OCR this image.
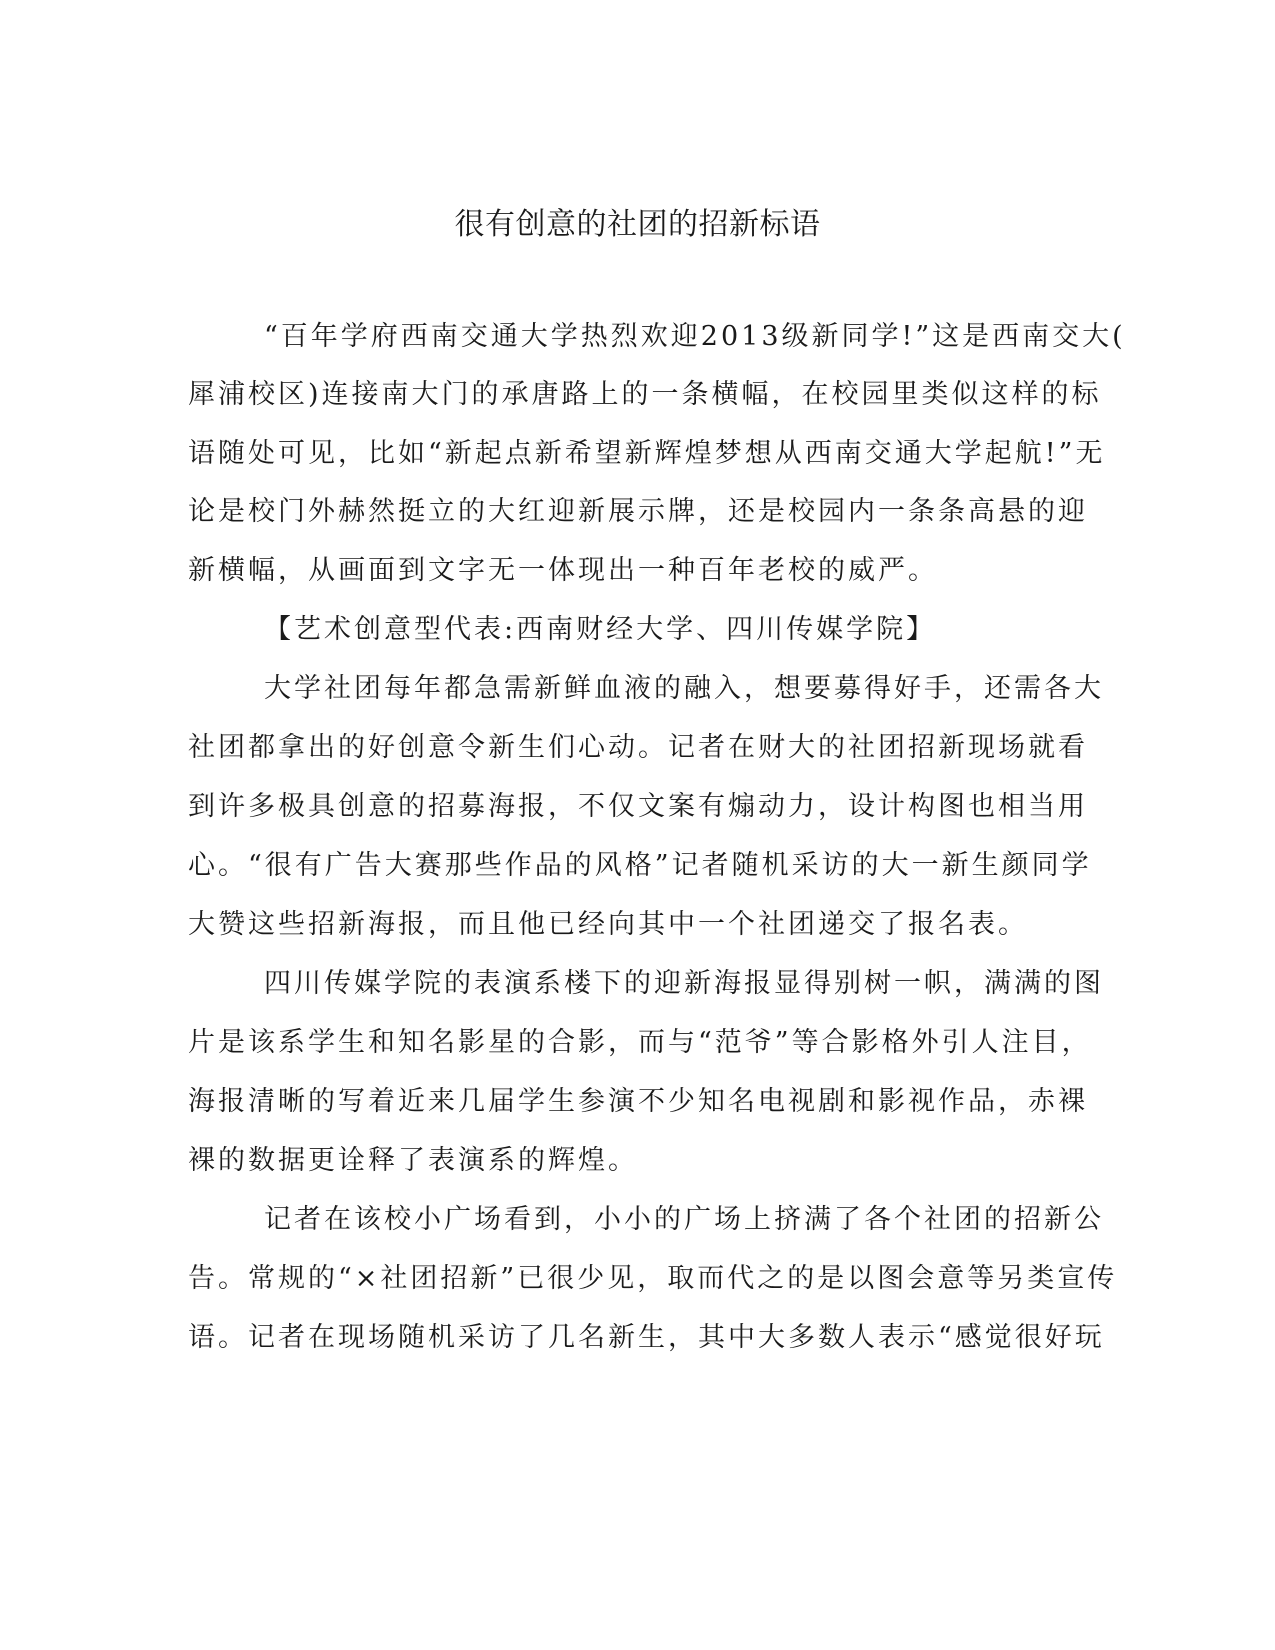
很有创意的社团的招新标语
“百年学府西南交通大学热烈欢迎2013级新同学!”这是西南交大(
犀浦校区)连接南大门的承唐路上的一条横幅，在校园里类似这样的标
语随处可见，比如“新起点新希望新辉煌梦想从西南交通大学起航!”无
论是校门外赫然挺立的大红迎新展示牌，还是校园内一条条高悬的迎
新横幅，从画面到文字无一体现出一种百年老校的威严。
【艺术创意型代表:西南财经大学、四川传媒学院】
大学社团每年都急需新鲜血液的融入，想要募得好手，还需各大
社团都拿出的好创意令新生们心动。记者在财大的社团招新现场就看
到许多极具创意的招募海报，不仅文案有煽动力，设计构图也相当用
心。“很有广告大赛那些作品的风格”记者随机采访的大一新生颜同学
大赞这些招新海报，而且他已经向其中一个社团递交了报名表。
四川传媒学院的表演系楼下的迎新海报显得别树一帜，满满的图
片是该系学生和知名影星的合影，而与“范爷”等合影格外引人注目，
海报清晰的写着近来几届学生参演不少知名电视剧和影视作品，赤裸
裸的数据更诠释了表演系的辉煌。
记者在该校小广场看到，小小的广场上挤满了各个社团的招新公
告。常规的“×社团招新”已很少见，取而代之的是以图会意等另类宣传
语。记者在现场随机采访了几名新生，其中大多数人表示“感觉很好玩
